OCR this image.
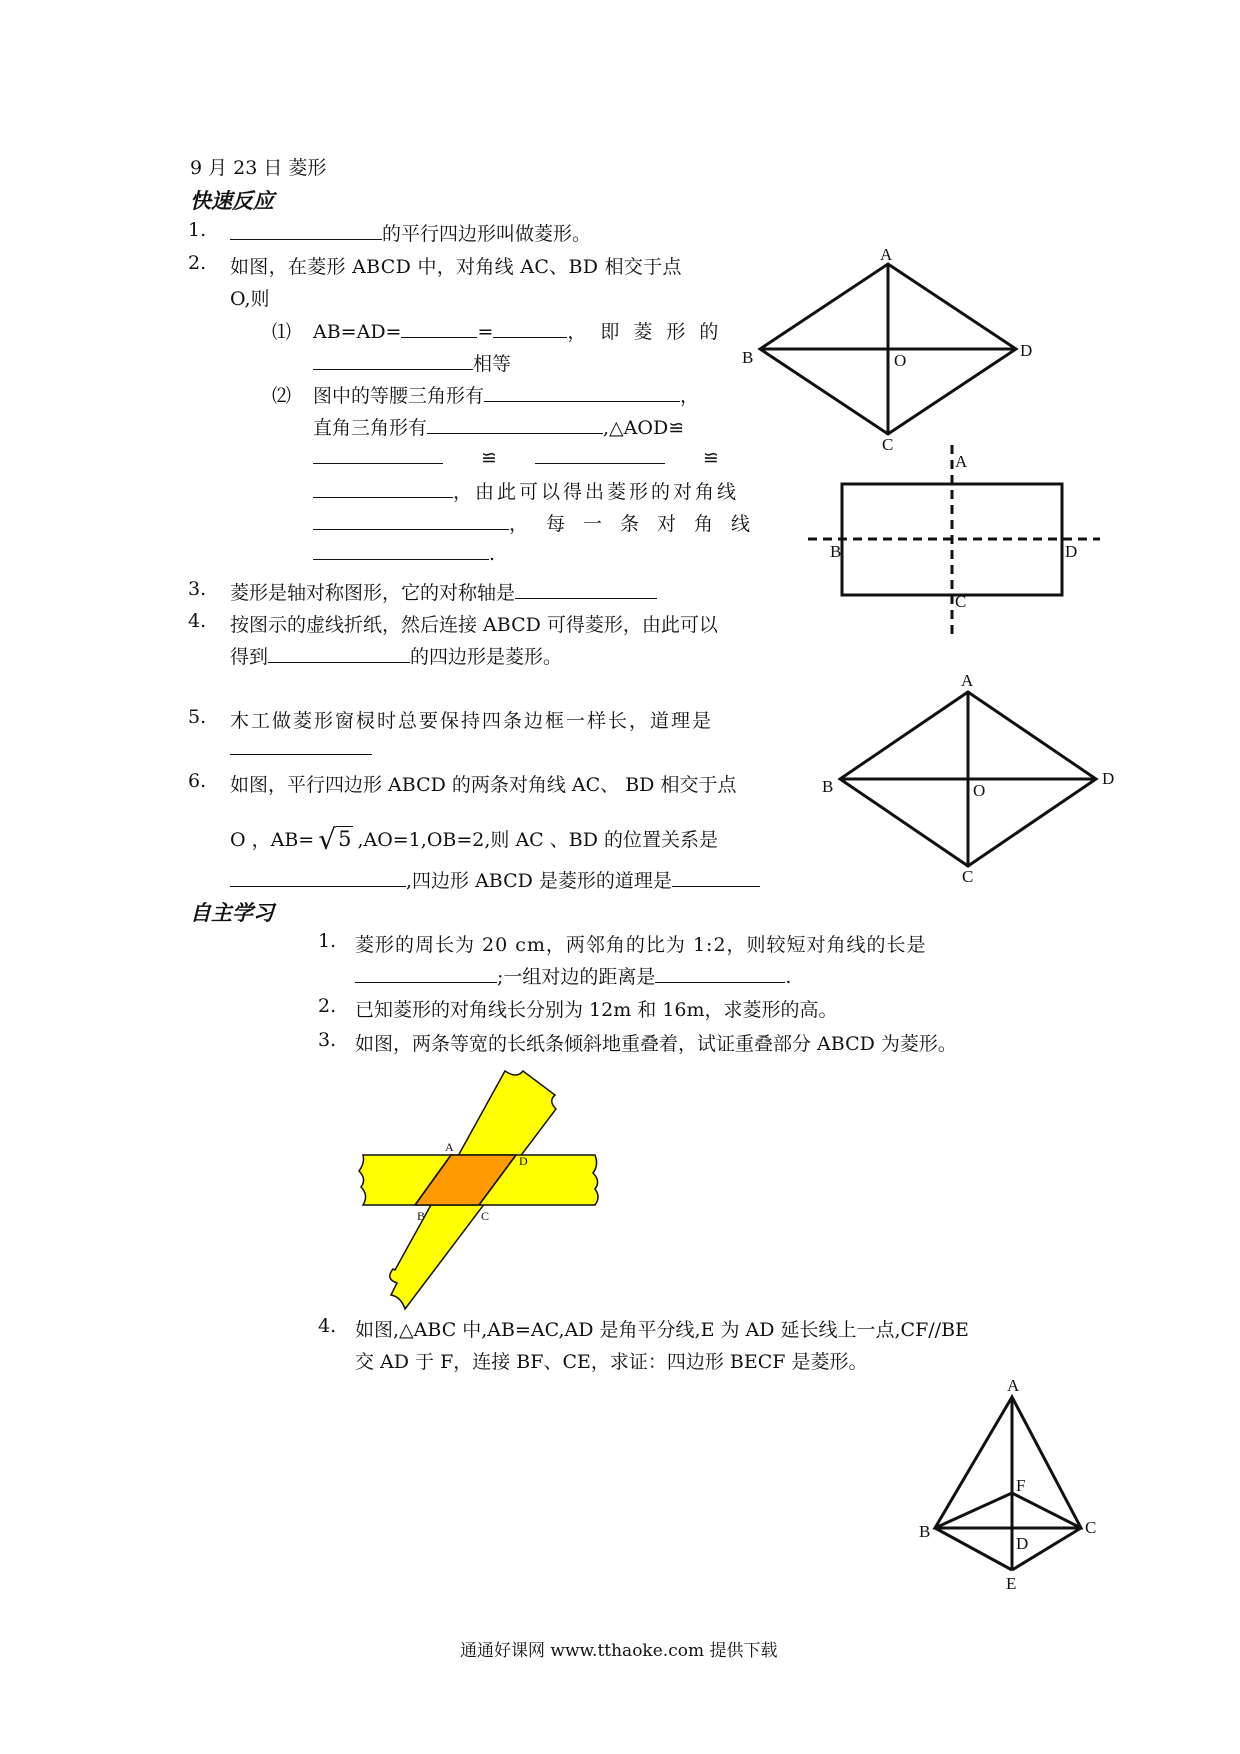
9 月 23 日 菱形
快速反应
1.	的平行四边形叫做菱形。
2. 如图，在菱形 ABCD 中，对角线 AC、BD 相交于点
O,则
⑴ AB=AD=	=	，即菱形的
相等
⑵ 图中的等腰三角形有	，
直角三角形有	,△AOD≌
≌	≌
，由此可以得出菱形的对角线
，每一条对角线
.
3. 菱形是轴对称图形，它的对称轴是
4. 按图示的虚线折纸，然后连接 ABCD 可得菱形，由此可以
得到	的四边形是菱形。
5. 木工做菱形窗棂时总要保持四条边框一样长，道理是
6. 如图，平行四边形 ABCD 的两条对角线 AC、 BD 相交于点
O ，AB= √5 ,AO=1,OB=2,则 AC 、BD 的位置关系是
,四边形 ABCD 是菱形的道理是
自主学习
1. 菱形的周长为 20 cm，两邻角的比为 1:2，则较短对角线的长是
;一组对边的距离是	.
2. 已知菱形的对角线长分别为 12m 和 16m，求菱形的高。
3. 如图，两条等宽的长纸条倾斜地重叠着，试证重叠部分 ABCD 为菱形。
4. 如图,△ABC 中,AB=AC,AD 是角平分线,E 为 AD 延长线上一点,CF//BE
交 AD 于 F，连接 BF、CE，求证：四边形 BECF 是菱形。
A
B
C
D
O
A
B
C
D
A
B
C
D
O
A
D
B	C
A
B	C
D
E
F
通通好课网 www.tthaoke.com 提供下载
